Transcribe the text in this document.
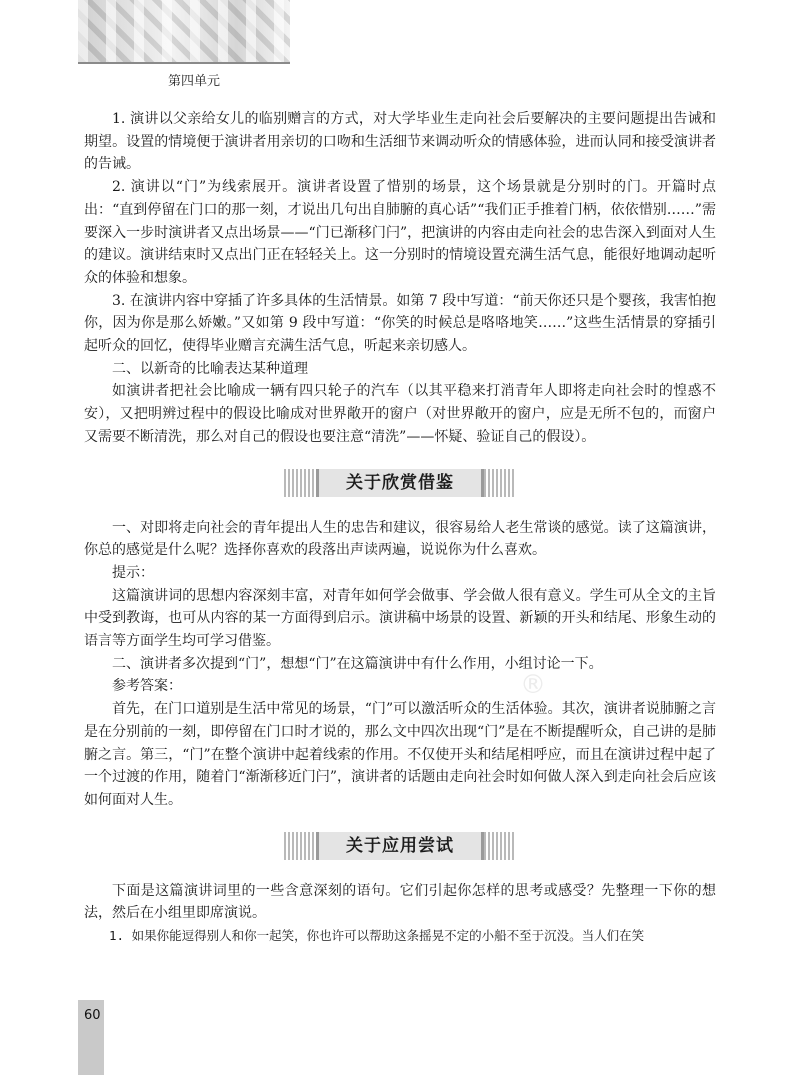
第四单元
®

1. 演讲以父亲给女儿的临别赠言的方式，对大学毕业生走向社会后要解决的主要问题提出告诫和期望。设置的情境便于演讲者用亲切的口吻和生活细节来调动听众的情感体验，进而认同和接受演讲者的告诫。

2. 演讲以“门”为线索展开。演讲者设置了惜别的场景，这个场景就是分别时的门。开篇时点出：“直到停留在门口的那一刻，才说出几句出自肺腑的真心话”“我们正手推着门柄，依依惜别……”需要深入一步时演讲者又点出场景——“门已渐移门闩”，把演讲的内容由走向社会的忠告深入到面对人生的建议。演讲结束时又点出门正在轻轻关上。这一分别时的情境设置充满生活气息，能很好地调动起听众的体验和想象。

3. 在演讲内容中穿插了许多具体的生活情景。如第 7 段中写道：“前天你还只是个婴孩，我害怕抱你，因为你是那么娇嫩。”又如第 9 段中写道：“你笑的时候总是咯咯地笑……”这些生活情景的穿插引起听众的回忆，使得毕业赠言充满生活气息，听起来亲切感人。

二、以新奇的比喻表达某种道理

如演讲者把社会比喻成一辆有四只轮子的汽车（以其平稳来打消青年人即将走向社会时的惶惑不安），又把明辨过程中的假设比喻成对世界敞开的窗户（对世界敞开的窗户，应是无所不包的，而窗户又需要不断清洗，那么对自己的假设也要注意“清洗”——怀疑、验证自己的假设）。

关于欣赏借鉴

一、对即将走向社会的青年提出人生的忠告和建议，很容易给人老生常谈的感觉。读了这篇演讲，你总的感觉是什么呢？选择你喜欢的段落出声读两遍，说说你为什么喜欢。

提示：

这篇演讲词的思想内容深刻丰富，对青年如何学会做事、学会做人很有意义。学生可从全文的主旨中受到教诲，也可从内容的某一方面得到启示。演讲稿中场景的设置、新颖的开头和结尾、形象生动的语言等方面学生均可学习借鉴。

二、演讲者多次提到“门”，想想“门”在这篇演讲中有什么作用，小组讨论一下。

参考答案：

首先，在门口道别是生活中常见的场景，“门”可以激活听众的生活体验。其次，演讲者说肺腑之言是在分别前的一刻，即停留在门口时才说的，那么文中四次出现“门”是在不断提醒听众，自己讲的是肺腑之言。第三，“门”在整个演讲中起着线索的作用。不仅使开头和结尾相呼应，而且在演讲过程中起了一个过渡的作用，随着门“渐渐移近门闩”，演讲者的话题由走向社会时如何做人深入到走向社会后应该如何面对人生。

关于应用尝试

下面是这篇演讲词里的一些含意深刻的语句。它们引起你怎样的思考或感受？先整理一下你的想法，然后在小组里即席演说。

1. 如果你能逗得别人和你一起笑，你也许可以帮助这条摇晃不定的小船不至于沉没。当人们在笑

60
